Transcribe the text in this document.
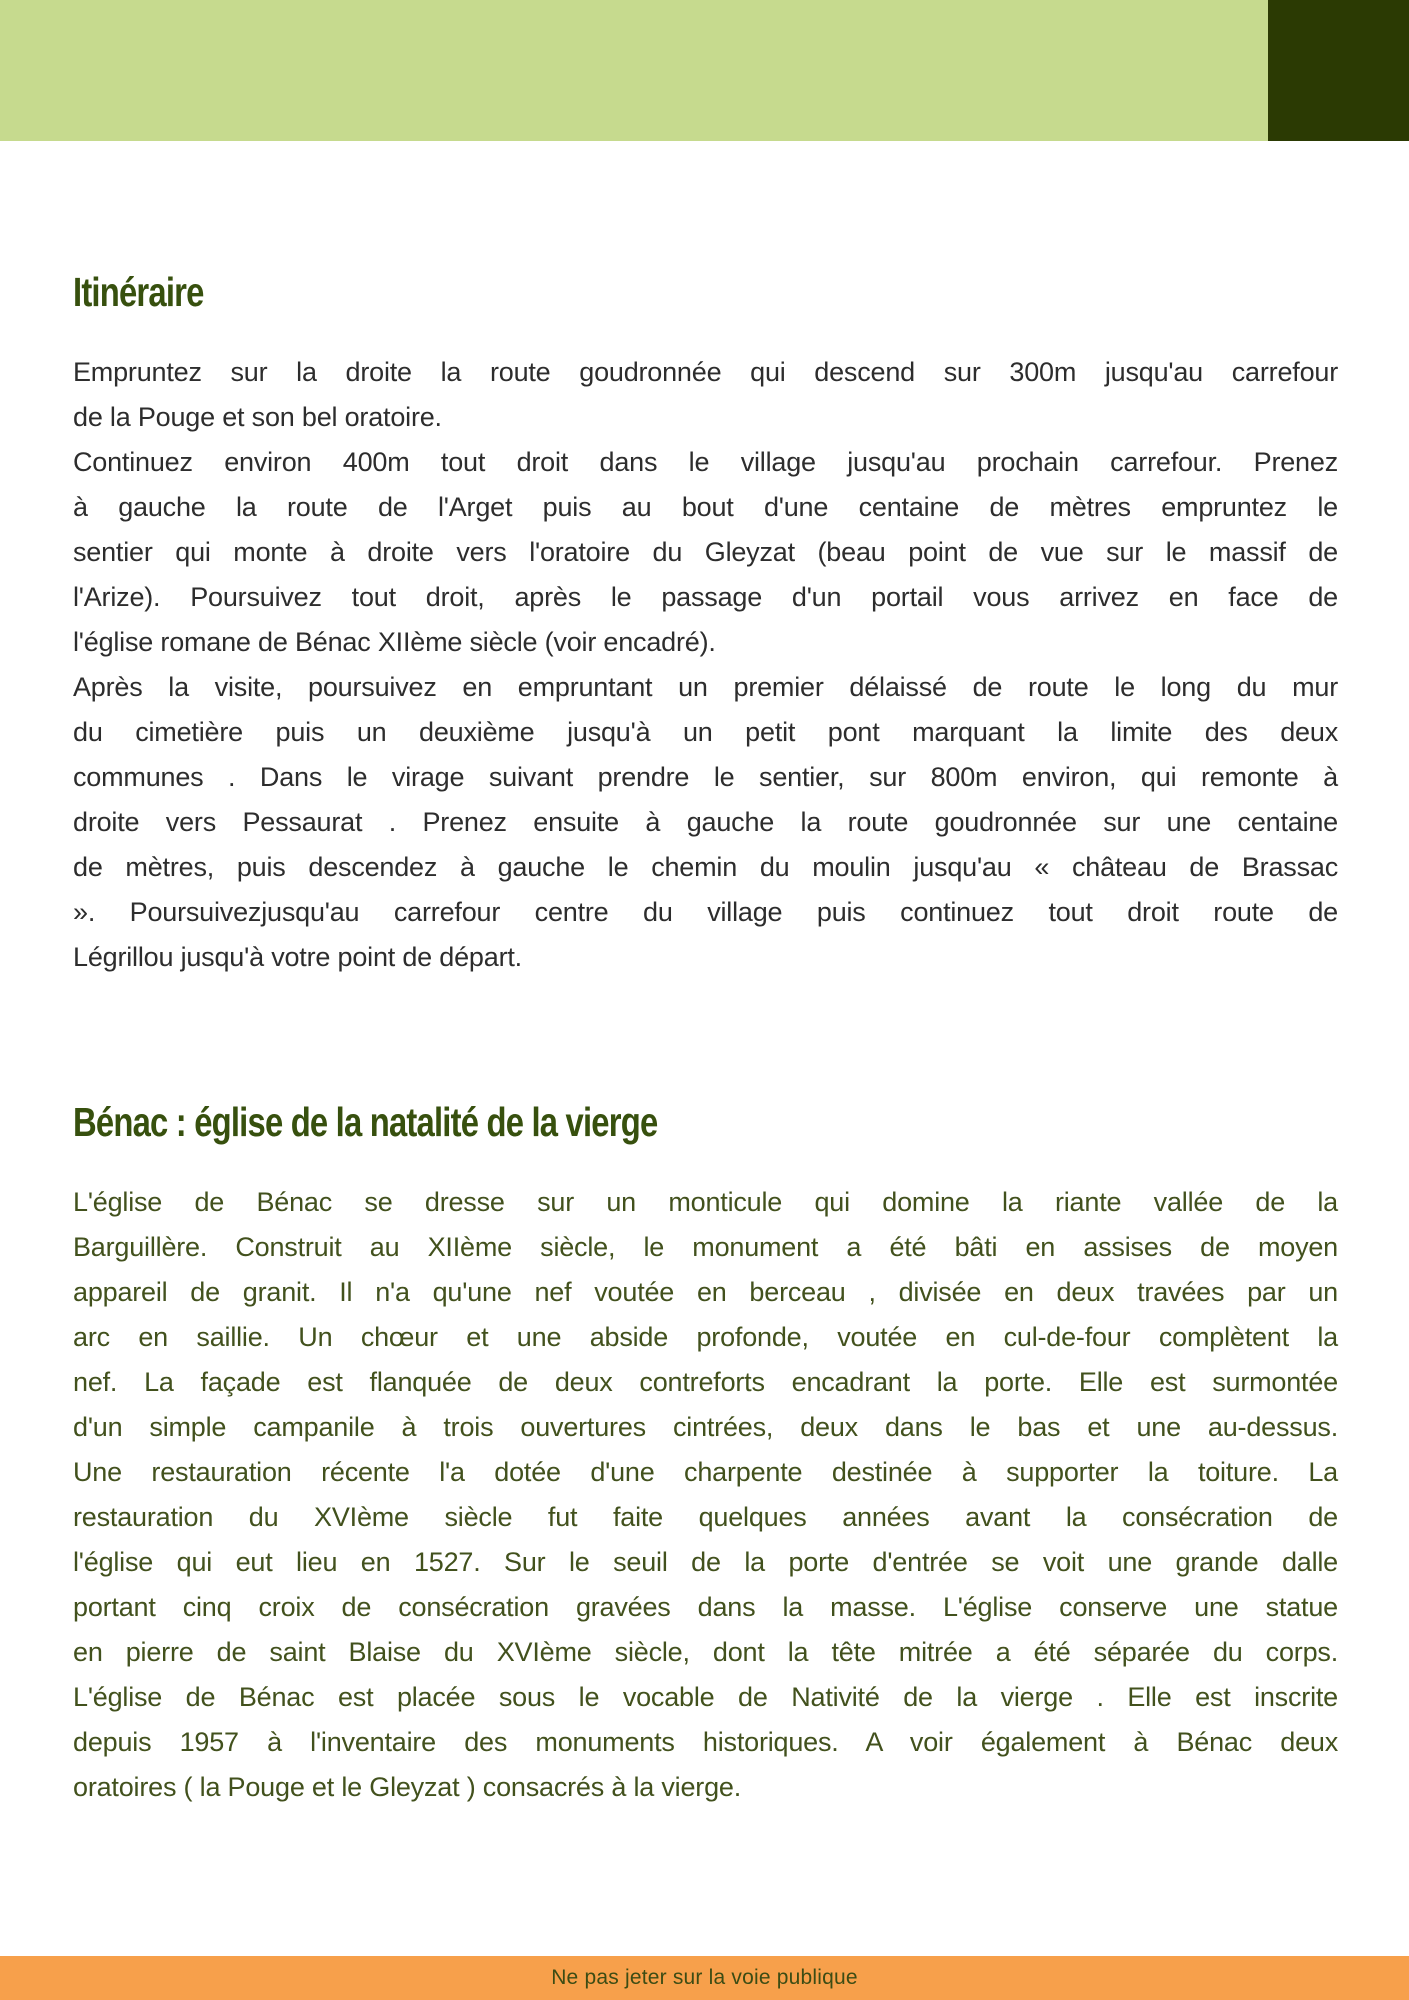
Itinéraire
Empruntez sur la droite la route goudronnée qui descend sur 300m jusqu'au carrefour
de la Pouge et son bel oratoire.
Continuez environ 400m tout droit dans le village jusqu'au prochain carrefour. Prenez
à gauche la route de l'Arget puis au bout d'une centaine de mètres empruntez le
sentier qui monte à droite vers l'oratoire du Gleyzat (beau point de vue sur le massif de
l'Arize). Poursuivez tout droit, après le passage d'un portail vous arrivez en face de
l'église romane de Bénac XIIème siècle (voir encadré).
Après la visite, poursuivez en empruntant un premier délaissé de route le long du mur
du cimetière puis un deuxième jusqu'à un petit pont marquant la limite des deux
communes . Dans le virage suivant prendre le sentier, sur 800m environ, qui remonte à
droite vers Pessaurat . Prenez ensuite à gauche la route goudronnée sur une centaine
de mètres, puis descendez à gauche le chemin du moulin jusqu'au « château de Brassac
». Poursuivezjusqu'au carrefour centre du village puis continuez tout droit route de
Légrillou jusqu'à votre point de départ.
Bénac : église de la natalité de la vierge
L'église de Bénac se dresse sur un monticule qui domine la riante vallée de la
Barguillère. Construit au XIIème siècle, le monument a été bâti en assises de moyen
appareil de granit. Il n'a qu'une nef voutée en berceau , divisée en deux travées par un
arc en saillie. Un chœur et une abside profonde, voutée en cul-de-four complètent la
nef. La façade est flanquée de deux contreforts encadrant la porte. Elle est surmontée
d'un simple campanile à trois ouvertures cintrées, deux dans le bas et une au-dessus.
Une restauration récente l'a dotée d'une charpente destinée à supporter la toiture. La
restauration du XVIème siècle fut faite quelques années avant la consécration de
l'église qui eut lieu en 1527. Sur le seuil de la porte d'entrée se voit une grande dalle
portant cinq croix de consécration gravées dans la masse. L'église conserve une statue
en pierre de saint Blaise du XVIème siècle, dont la tête mitrée a été séparée du corps.
L'église de Bénac est placée sous le vocable de Nativité de la vierge . Elle est inscrite
depuis 1957 à l'inventaire des monuments historiques. A voir également à Bénac deux
oratoires ( la Pouge et le Gleyzat ) consacrés à la vierge.
Ne pas jeter sur la voie publique
